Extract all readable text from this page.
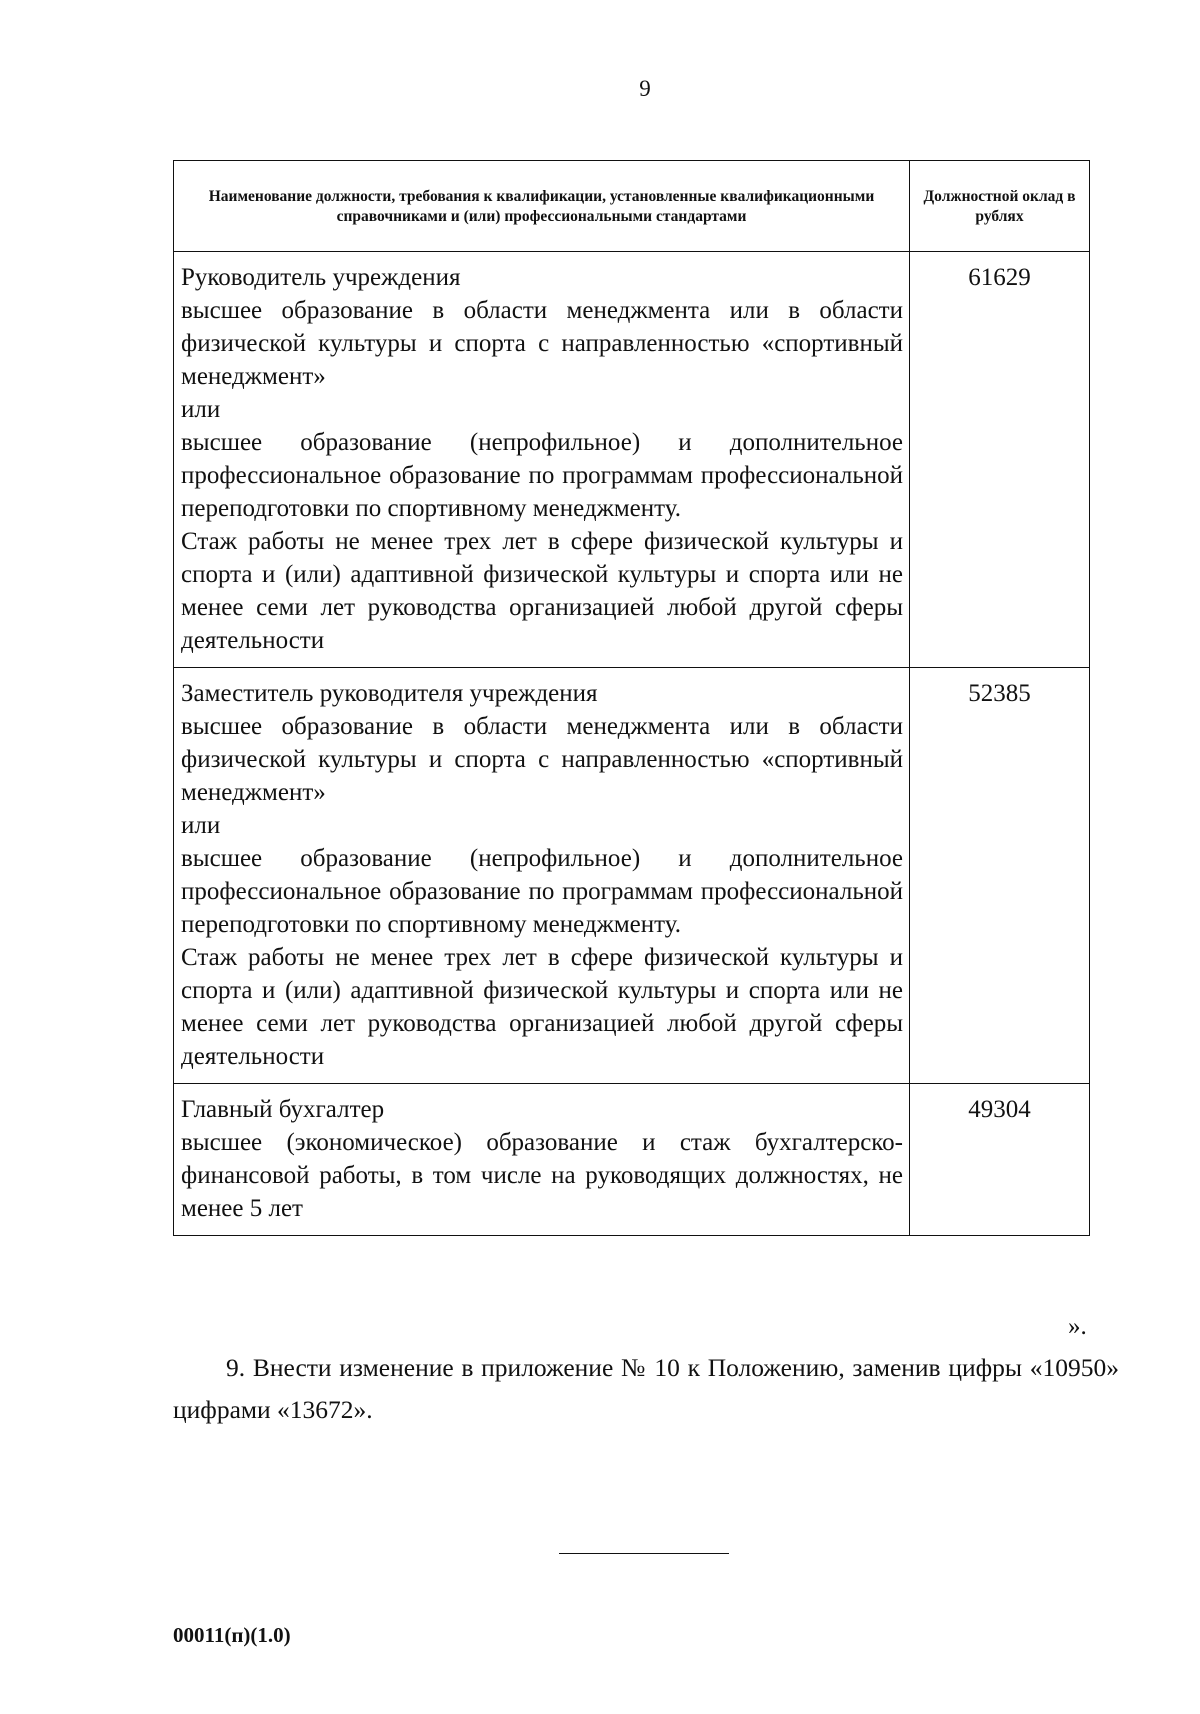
9
Наименование должности, требования к квалификации, установленные квалификационными справочниками и (или) профессиональными стандартами	Должностной оклад в рублях

Руководитель учреждения
высшее образование в области менеджмента или в области физической культуры и спорта с направленностью «спортивный менеджмент»
или
высшее образование (непрофильное) и дополнительное профессиональное образование по программам профессиональной переподготовки по спортивному менеджменту.
Стаж работы не менее трех лет в сфере физической культуры и спорта и (или) адаптивной физической культуры и спорта или не менее семи лет руководства организацией любой другой сферы деятельности	61629

Заместитель руководителя учреждения
высшее образование в области менеджмента или в области физической культуры и спорта с направленностью «спортивный менеджмент»
или
высшее образование (непрофильное) и дополнительное профессиональное образование по программам профессиональной переподготовки по спортивному менеджменту.
Стаж работы не менее трех лет в сфере физической культуры и спорта и (или) адаптивной физической культуры и спорта или не менее семи лет руководства организацией любой другой сферы деятельности	52385

Главный бухгалтер
высшее (экономическое) образование и стаж бухгалтерско-финансовой работы, в том числе на руководящих должностях, не менее 5 лет	49304
».
9. Внести изменение в приложение № 10 к Положению, заменив цифры «10950» цифрами «13672».
00011(п)(1.0)
